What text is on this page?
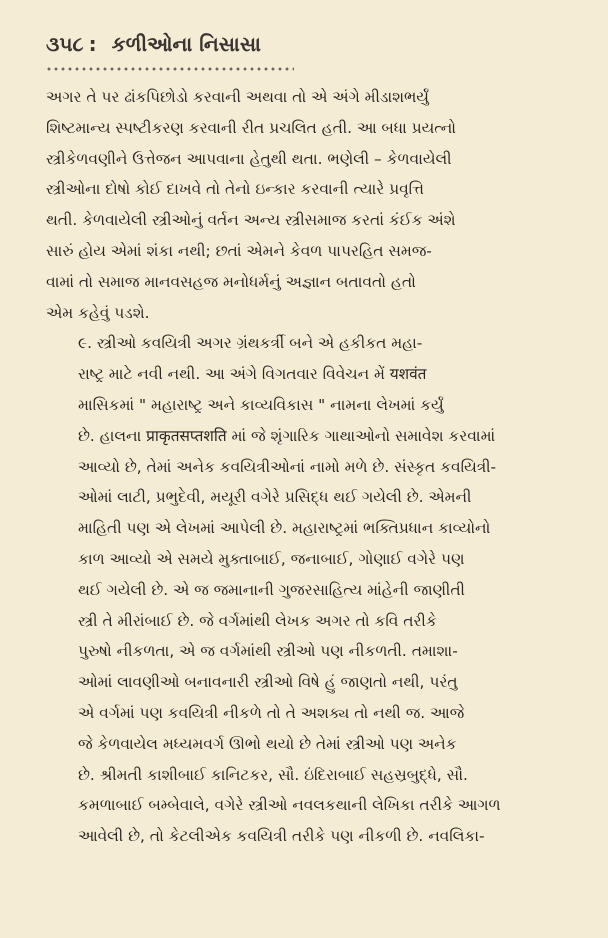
૩૫૮ : કળીઓના નિસાસા

અગર તે પર ઢાંકપિછોડો કરવાની અથવા તો એ અંગે મીડાશભર્યું
શિષ્ટમાન્ય સ્પષ્ટીકરણ કરવાની રીત પ્રચલિત હતી. આ બધા પ્રયત્નો
સ્ત્રીકેળવણીને ઉત્તેજન આપવાના હેતુથી થતા. ભણેલી – કેળવાયેલી
સ્ત્રીઓના દોષો કોઈ દાખવે તો તેનો ઇન્કાર કરવાની ત્યારે પ્રવૃત્તિ
થતી. કેળવાયેલી સ્ત્રીઓનું વર્તન અન્ય સ્ત્રીસમાજ કરતાં કંઈક અંશે
સારું હોય એમાં શંકા નથી; છતાં એમને કેવળ પાપરહિત સમજ-
વામાં તો સમાજ માનવસહજ મનોધર્મનું અજ્ઞાન બતાવતો હતો
એમ કહેવું પડશે.

૯. સ્ત્રીઓ કવયિત્રી અગર ગ્રંથકર્ત્રી બને એ હકીકત મહા-
રાષ્ટ્ર માટે નવી નથી. આ અંગે વિગતવાર વિવેચન મેં यशवंत
માસિકમાં " મહારાષ્ટ્ર અને કાવ્યવિકાસ " નામના લેખમાં કર્યું
છે. હાલના प्राकृतसप्तशति માં જે શૃંગારિક ગાથાઓનો સમાવેશ કરવામાં
આવ્યો છે, તેમાં અનેક કવયિત્રીઓનાં નામો મળે છે. સંસ્કૃત કવયિત્રી-
ઓમાં લાટી, પ્રભુદેવી, મયૂરી વગેરે પ્રસિદ્ધ થઈ ગયેલી છે. એમની
માહિતી પણ એ લેખમાં આપેલી છે. મહારાષ્ટ્રમાં ભક્તિપ્રધાન કાવ્યોનો
કાળ આવ્યો એ સમયે મુક્તાબાઈ, જનાબાઈ, ગોણાઈ વગેરે પણ
થઈ ગયેલી છે. એ જ જમાનાની ગુજરસાહિત્ય માંહેની જાણીતી
સ્ત્રી તે મીરાંબાઈ છે. જે વર્ગમાંથી લેખક અગર તો કવિ તરીકે
પુરુષો નીકળતા, એ જ વર્ગમાંથી સ્ત્રીઓ પણ નીકળતી. તમાશા-
ઓમાં લાવણીઓ બનાવનારી સ્ત્રીઓ વિષે હું જાણતો નથી, પરંતુ
એ વર્ગમાં પણ કવયિત્રી નીકળે તો તે અશક્ય તો નથી જ. આજે
જે કેળવાયેલ મધ્યમવર્ગ ઊભો થયો છે તેમાં સ્ત્રીઓ પણ અનેક
છે. શ્રીમતી કાશીબાઈ કાનિટકર, સૌ. ઇંદિરાબાઈ સહસ્રબુદ્ધે, સૌ.
કમળાબાઈ બમ્બેવાલે, વગેરે સ્ત્રીઓ નવલકથાની લેખિકા તરીકે આગળ
આવેલી છે, તો કેટલીએક કવયિત્રી તરીકે પણ નીકળી છે. નવલિકા-
